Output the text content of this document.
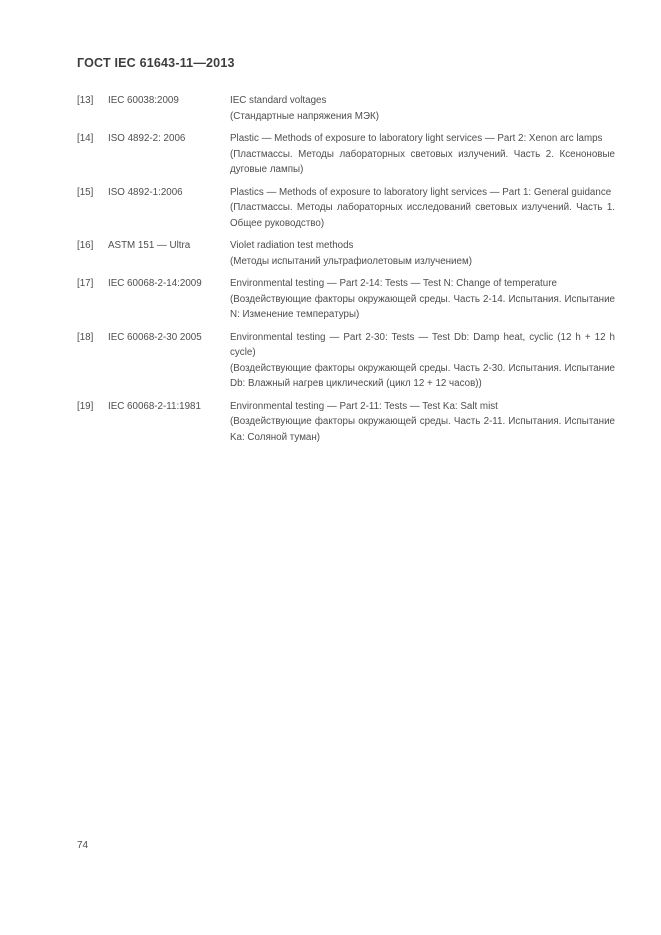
ГОСТ IEC 61643-11—2013
[13]	IEC 60038:2009	IEC standard voltages
(Стандартные напряжения МЭК)
[14]	ISO 4892-2: 2006	Plastic — Methods of exposure to laboratory light services — Part 2: Xenon arc lamps
(Пластмассы. Методы лабораторных световых излучений. Часть 2. Ксеноновые дуговые лампы)
[15]	ISO 4892-1:2006	Plastics — Methods of exposure to laboratory light services — Part 1: General guidance
(Пластмассы. Методы лабораторных исследований световых излучений. Часть 1. Общее руководство)
[16]	ASTM 151 — Ultra	Violet radiation test methods
(Методы испытаний ультрафиолетовым излучением)
[17]	IEC 60068-2-14:2009	Environmental testing — Part 2-14: Tests — Test N: Change of temperature
(Воздействующие факторы окружающей среды. Часть 2-14. Испытания. Испытание N: Изменение температуры)
[18]	IEC 60068-2-30 2005	Environmental testing — Part 2-30: Tests — Test Db: Damp heat, cyclic (12 h + 12 h cycle)
(Воздействующие факторы окружающей среды. Часть 2-30. Испытания. Испытание Db: Влажный нагрев циклический (цикл 12 + 12 часов))
[19]	IEC 60068-2-11:1981	Environmental testing — Part 2-11: Tests — Test Ka: Salt mist
(Воздействующие факторы окружающей среды. Часть 2-11. Испытания. Испытание Ka: Соляной туман)
74
